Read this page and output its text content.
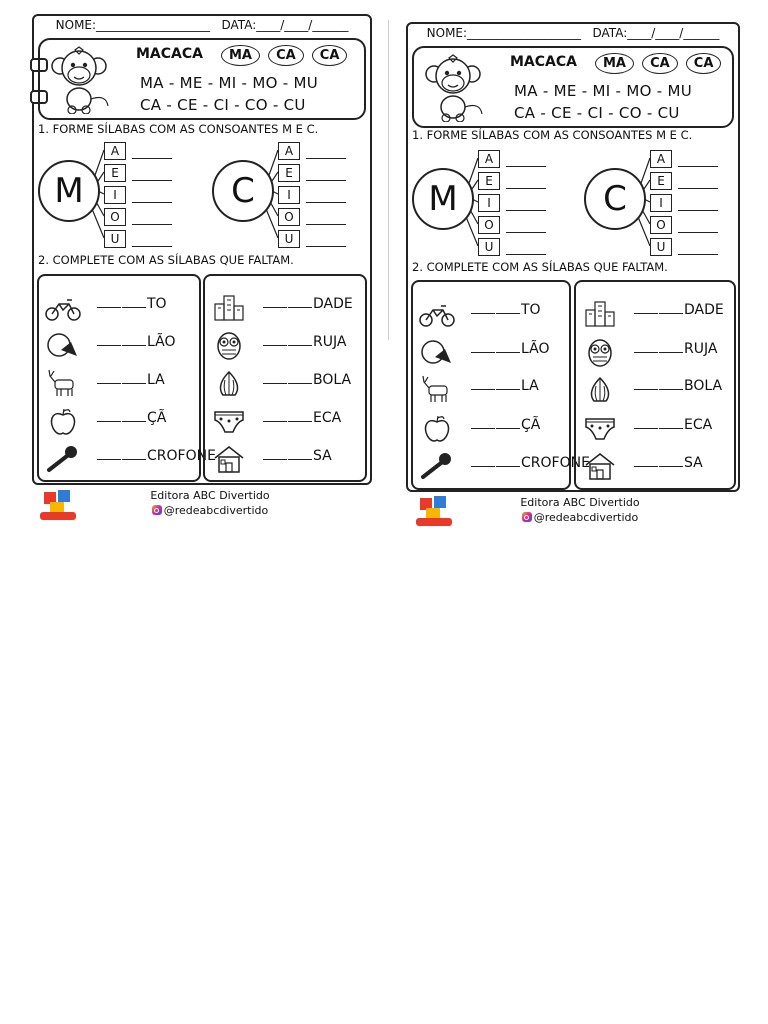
NOME:___________________ DATA:____/____/______
MACACA	MA CA CA
MA - ME - MI - MO - MU
CA - CE - CI - CO - CU
1. FORME SÍLABAS COM AS CONSOANTES M E C.
M
A
E
I
O
U
C
A
E
I
O
U
2. COMPLETE COM AS SÍLABAS QUE FALTAM.
TO
LÃO
LA
ÇÃ
CROFONE
DADE
RUJA
BOLA
ECA
SA
Editora ABC Divertido
@redeabcdivertido
NOME:___________________ DATA:____/____/______
MACACA	MA CA CA
MA - ME - MI - MO - MU
CA - CE - CI - CO - CU
1. FORME SÍLABAS COM AS CONSOANTES M E C.
M
A
E
I
O
U
C
A
E
I
O
U
2. COMPLETE COM AS SÍLABAS QUE FALTAM.
TO
LÃO
LA
ÇÃ
CROFONE
DADE
RUJA
BOLA
ECA
SA
Editora ABC Divertido
@redeabcdivertido
